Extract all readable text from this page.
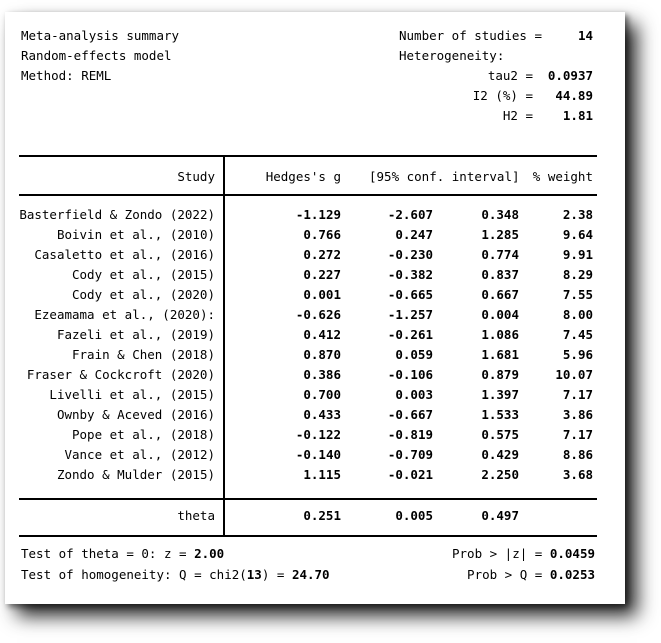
Meta-analysis summary
Random-effects model
Method: REML
Number of studies =	14
Heterogeneity:
tau2 =	0.0937
I2 (%) =	44.89
H2 =	1.81
Study	Hedges's g [95% conf. interval]	% weight
Basterfield & Zondo (2022)	-1.129	-2.607	0.348	2.38
Boivin et al., (2010)	0.766	0.247	1.285	9.64
Casaletto et al., (2016)	0.272	-0.230	0.774	9.91
Cody et al., (2015)	0.227	-0.382	0.837	8.29
Cody et al., (2020)	0.001	-0.665	0.667	7.55
Ezeamama et al., (2020):	-0.626	-1.257	0.004	8.00
Fazeli et al., (2019)	0.412	-0.261	1.086	7.45
Frain & Chen (2018)	0.870	0.059	1.681	5.96
Fraser & Cockcroft (2020)	0.386	-0.106	0.879	10.07
Livelli et al., (2015)	0.700	0.003	1.397	7.17
Ownby & Aceved (2016)	0.433	-0.667	1.533	3.86
Pope et al., (2018)	-0.122	-0.819	0.575	7.17
Vance et al., (2012)	-0.140	-0.709	0.429	8.86
Zondo & Mulder (2015)	1.115	-0.021	2.250	3.68
theta	0.251	0.005	0.497
Test of theta = 0: z = 2.00	Prob > |z| = 0.0459
Test of homogeneity: Q = chi2(13) = 24.70	Prob > Q = 0.0253
